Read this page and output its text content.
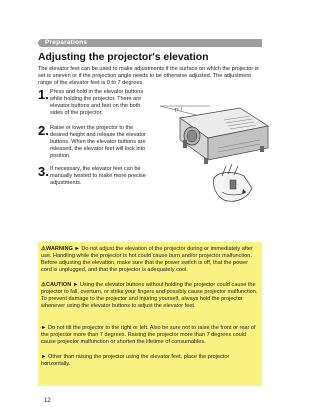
Preparations
Adjusting the projector's elevation
The elevator feet can be used to make adjustments if the surface on which the projector is set is uneven or if the projection angle needs to be otherwise adjusted. The adjustment range of the elevator feet is 0 to 7 degrees.
1. Press and hold in the elevator buttons while holding the projector. There are elevator buttons and feet on the both sides of the projector.
2. Raise or lower the projector to the desired height and release the elevator buttons. When the elevator buttons are released, the elevator feet will lock into position.
3. If necessary, the elevator feet can be manually twisted to make more precise adjustments.
7°
⚠WARNING ► Do not adjust the elevation of the projector during or immediately after use. Handling while the projector is hot could cause burn and/or projector malfunction. Before adjusting the elevation, make sure that the power switch is off, that the power cord is unplugged, and that the projector is adequately cool.
⚠CAUTION ► Using the elevator buttons without holding the projector could cause the projector to fall, overturn, or strike your fingers and possibly cause projector malfunction. To prevent damage to the projector and injuring yourself, always hold the projector whenever using the elevator buttons to adjust the elevator feet.
► Do not tilt the projector to the right or left. Also be sure not to raise the front or rear of the projector more than 7 degrees. Raising the projector more than 7 degrees could cause projector malfunction or shorten the lifetime of consumables.
► Other than raising the projector using the elevator feet, place the projector horizontally.
12
